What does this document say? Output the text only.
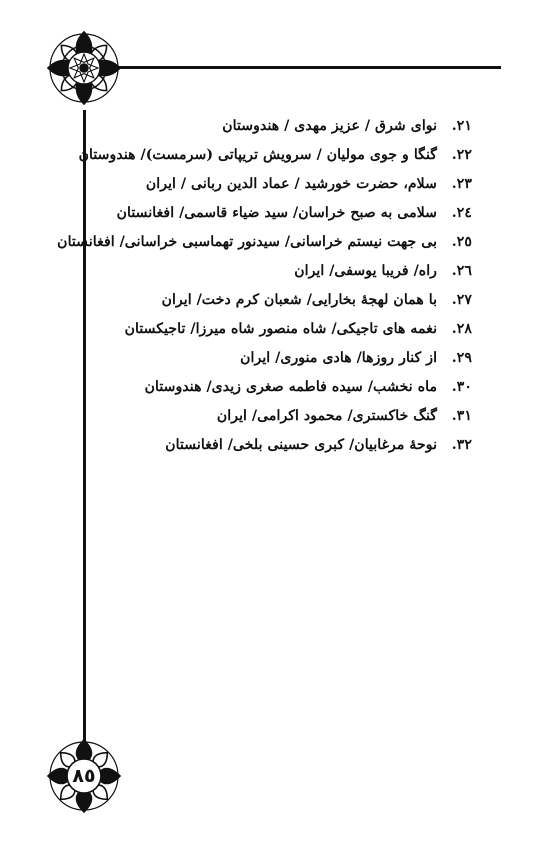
٨٥
٢١. نوای شرق / عزیز مهدی / هندوستان
٢٢. گنگا و جوی مولیان / سرویش تریپاتی (سرمست)/ هندوستان
٢٣. سلام، حضرت خورشید / عماد الدین ربانی / ایران
٢٤. سلامی به صبح خراسان/ سید ضیاء قاسمی/ افغانستان
٢٥. بی جهت نیستم خراسانی/ سیدنور تهماسبی خراسانی/ افغانستان
٢٦. راه/ فریبا یوسفی/ ایران
٢٧. با همان لهجهٔ بخارایی/ شعبان کرم دخت/ ایران
٢٨. نغمه های تاجیکی/ شاه منصور شاه میرزا/ تاجیکستان
٢٩. از کنار روزها/ هادی منوری/ ایران
٣٠. ماه نخشب/ سیده فاطمه صغری زیدی/ هندوستان
٣١. گنگ خاکستری/ محمود اکرامی/ ایران
٣٢. نوحهٔ مرغابیان/ کبری حسینی بلخی/ افغانستان
